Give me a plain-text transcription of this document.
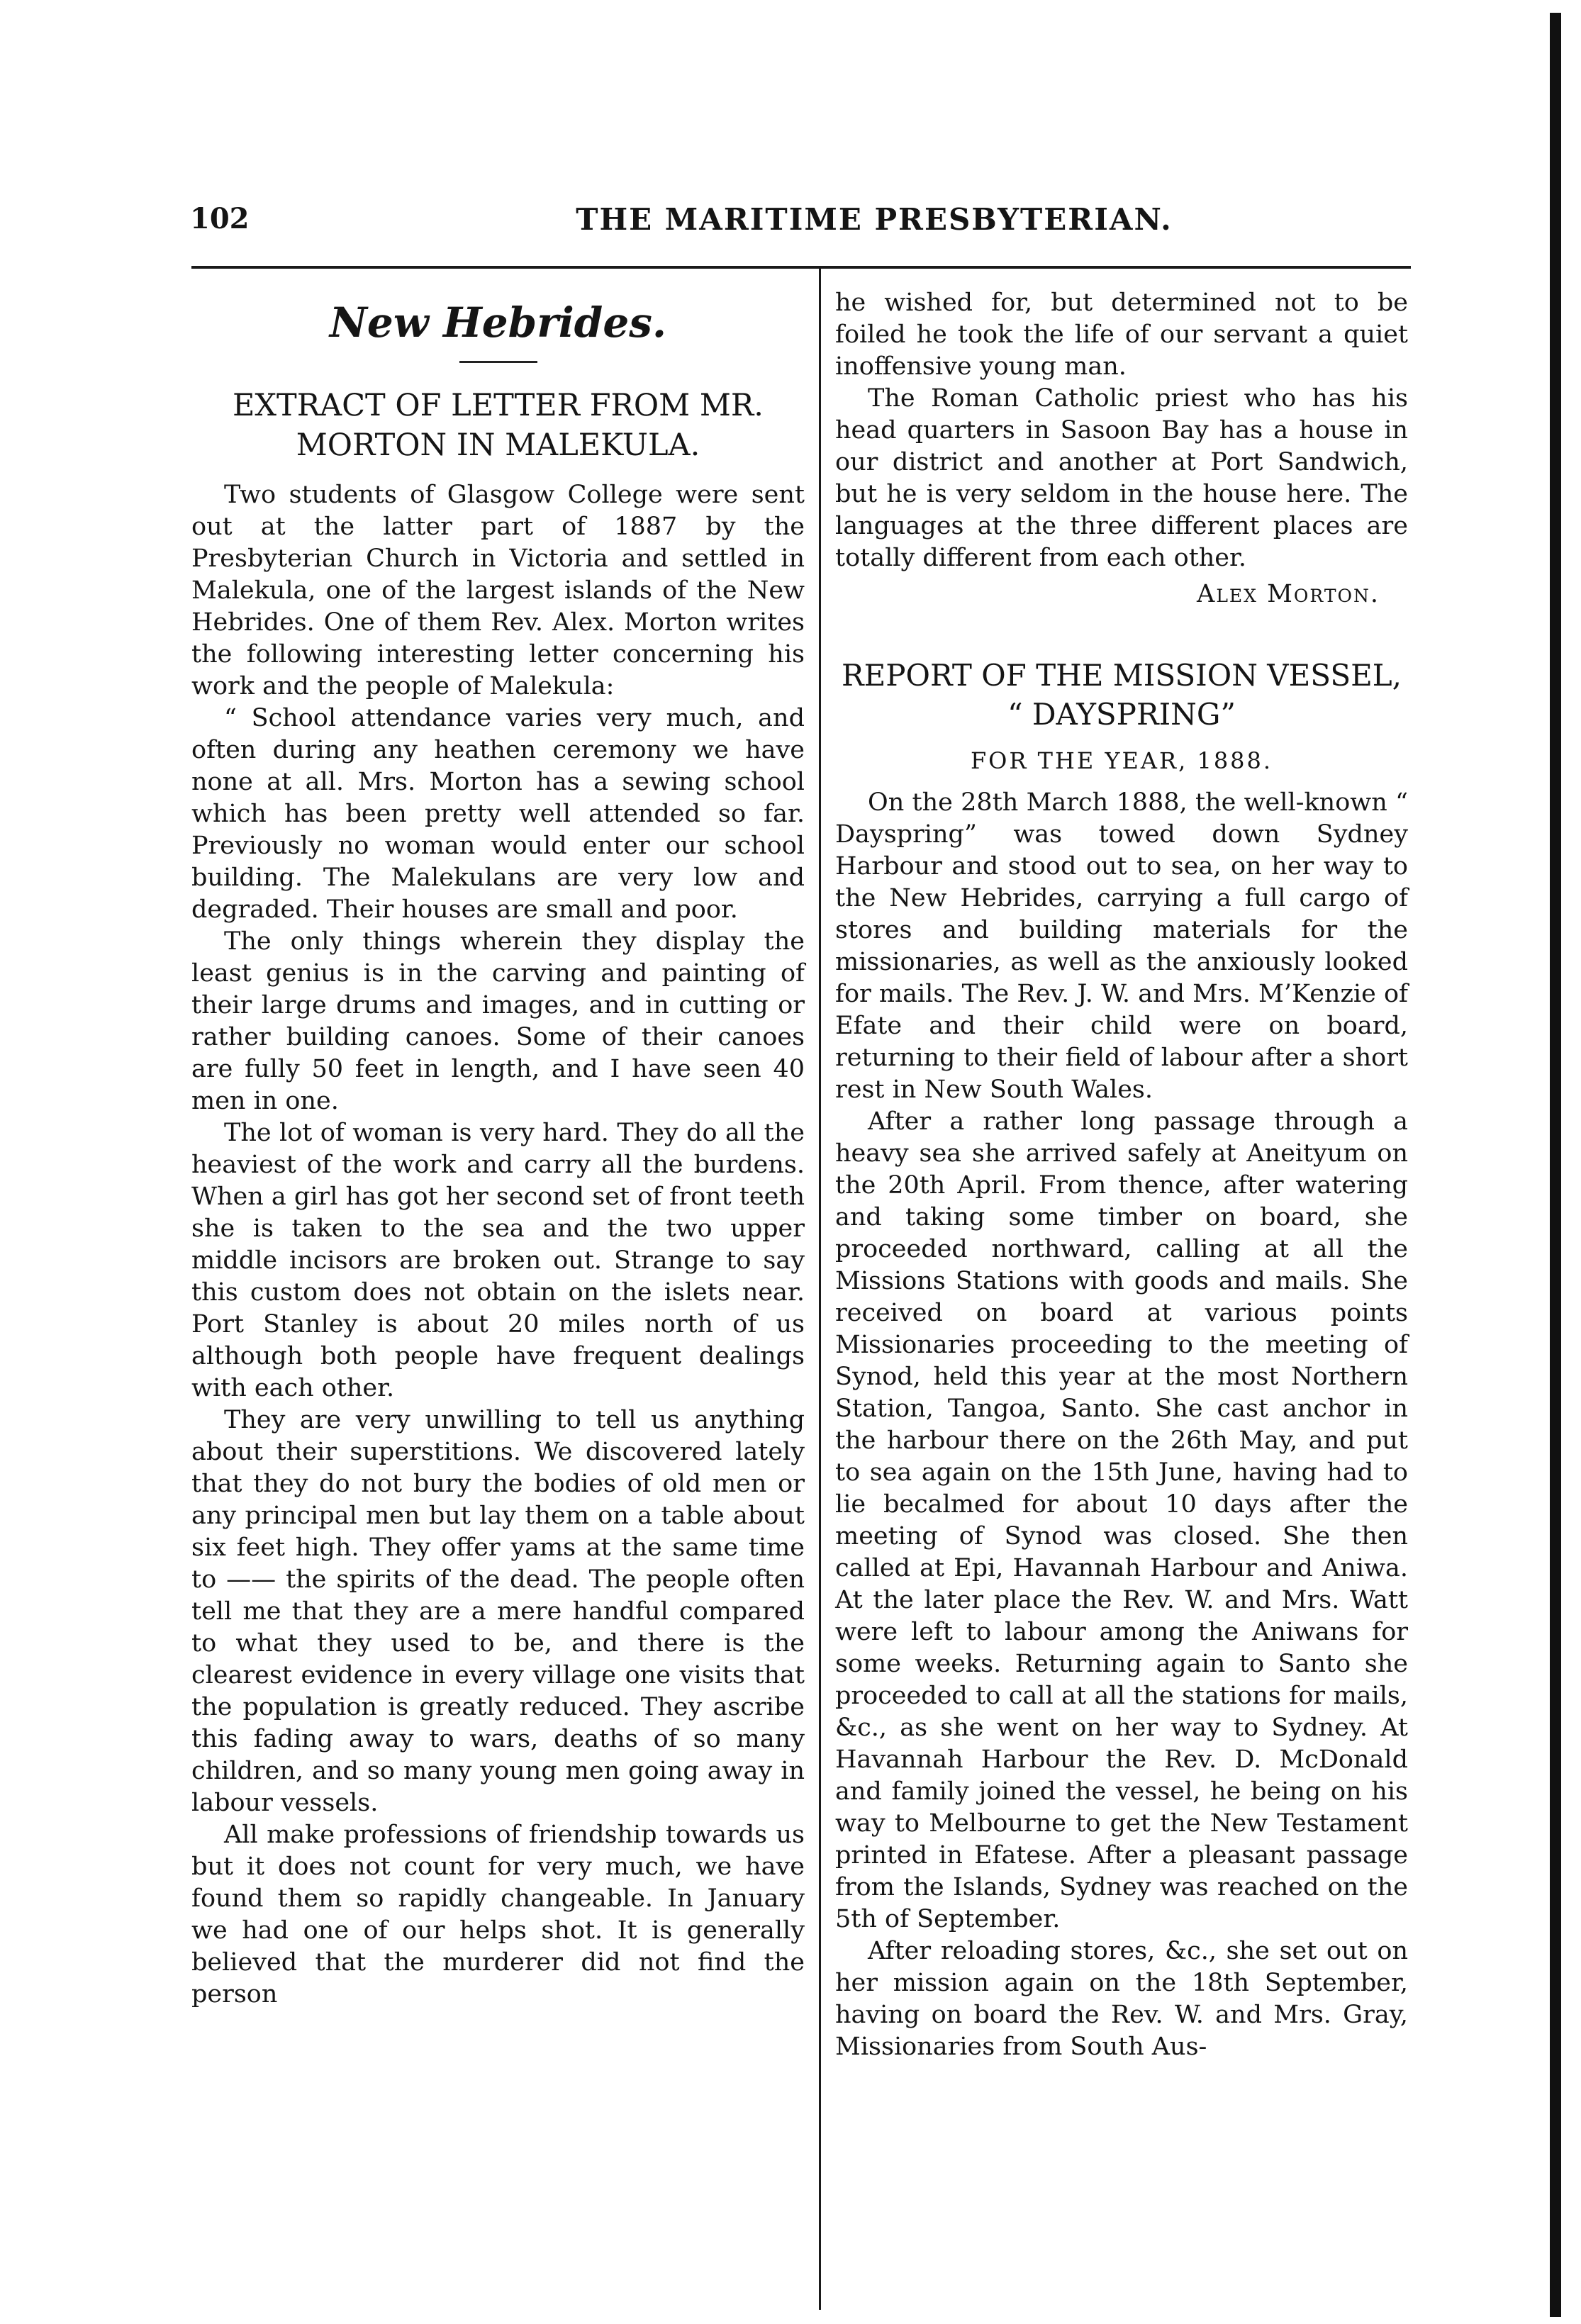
102	THE MARITIME PRESBYTERIAN.
New Hebrides.
EXTRACT OF LETTER FROM MR. MORTON IN MALEKULA.

Two students of Glasgow College were sent out at the latter part of 1887 by the Presbyterian Church in Victoria and settled in Malekula, one of the largest islands of the New Hebrides. One of them Rev. Alex. Morton writes the following interesting letter concerning his work and the people of Malekula:

“ School attendance varies very much, and often during any heathen ceremony we have none at all. Mrs. Morton has a sewing school which has been pretty well attended so far. Previously no woman would enter our school building. The Malekulans are very low and degraded. Their houses are small and poor.

The only things wherein they display the least genius is in the carving and painting of their large drums and images, and in cutting or rather building canoes. Some of their canoes are fully 50 feet in length, and I have seen 40 men in one.

The lot of woman is very hard. They do all the heaviest of the work and carry all the burdens. When a girl has got her second set of front teeth she is taken to the sea and the two upper middle incisors are broken out. Strange to say this custom does not obtain on the islets near. Port Stanley is about 20 miles north of us although both people have frequent dealings with each other.

They are very unwilling to tell us anything about their superstitions. We discovered lately that they do not bury the bodies of old men or any principal men but lay them on a table about six feet high. They offer yams at the same time to —— the spirits of the dead. The people often tell me that they are a mere handful compared to what they used to be, and there is the clearest evidence in every village one visits that the population is greatly reduced. They ascribe this fading away to wars, deaths of so many children, and so many young men going away in labour vessels.

All make professions of friendship towards us but it does not count for very much, we have found them so rapidly changeable. In January we had one of our helps shot. It is generally believed that the murderer did not find the person

he wished for, but determined not to be foiled he took the life of our servant a quiet inoffensive young man.

The Roman Catholic priest who has his head quarters in Sasoon Bay has a house in our district and another at Port Sandwich, but he is very seldom in the house here. The languages at the three different places are totally different from each other.

Alex Morton.
REPORT OF THE MISSION VESSEL, “ DAYSPRING”
FOR THE YEAR, 1888.

On the 28th March 1888, the well-known “ Dayspring” was towed down Sydney Harbour and stood out to sea, on her way to the New Hebrides, carrying a full cargo of stores and building materials for the missionaries, as well as the anxiously looked for mails. The Rev. J. W. and Mrs. M’Kenzie of Efate and their child were on board, returning to their field of labour after a short rest in New South Wales.

After a rather long passage through a heavy sea she arrived safely at Aneityum on the 20th April. From thence, after watering and taking some timber on board, she proceeded northward, calling at all the Missions Stations with goods and mails. She received on board at various points Missionaries proceeding to the meeting of Synod, held this year at the most Northern Station, Tangoa, Santo. She cast anchor in the harbour there on the 26th May, and put to sea again on the 15th June, having had to lie becalmed for about 10 days after the meeting of Synod was closed. She then called at Epi, Havannah Harbour and Aniwa. At the later place the Rev. W. and Mrs. Watt were left to labour among the Aniwans for some weeks. Returning again to Santo she proceeded to call at all the stations for mails, &c., as she went on her way to Sydney. At Havannah Harbour the Rev. D. McDonald and family joined the vessel, he being on his way to Melbourne to get the New Testament printed in Efatese. After a pleasant passage from the Islands, Sydney was reached on the 5th of September.

After reloading stores, &c., she set out on her mission again on the 18th September, having on board the Rev. W. and Mrs. Gray, Missionaries from South Aus-
